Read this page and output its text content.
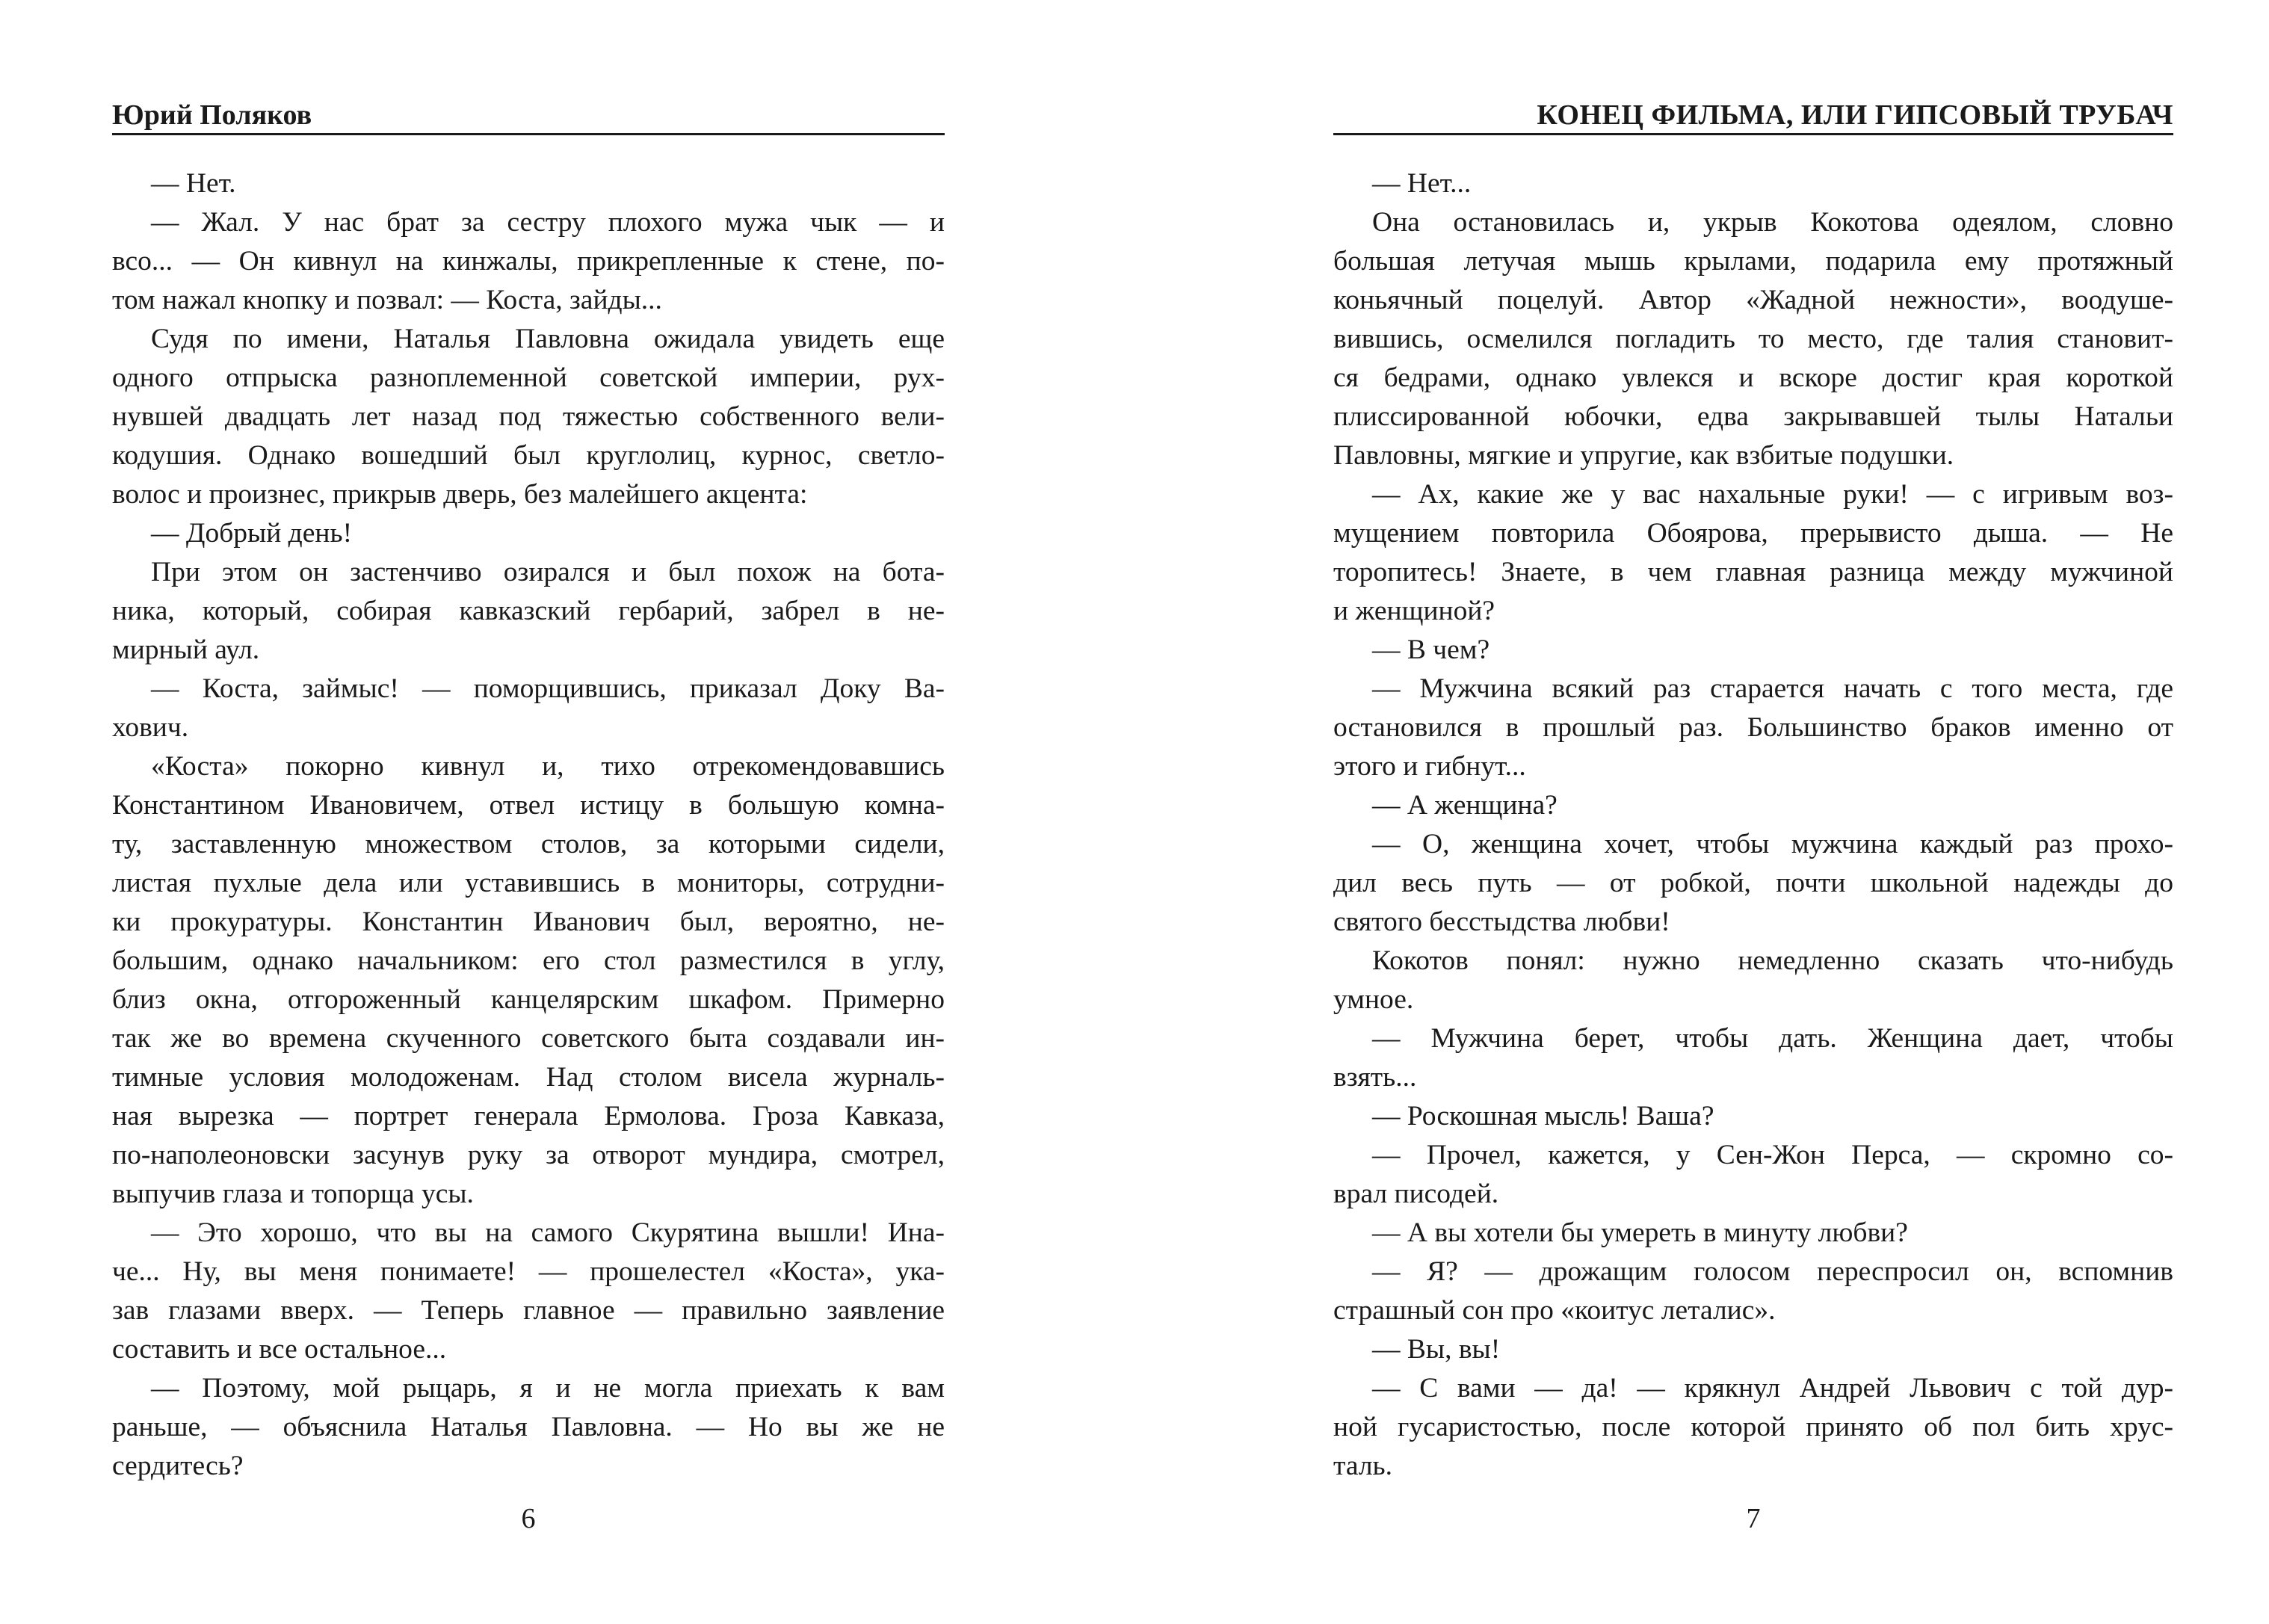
Юрий Поляков
— Нет.
— Жал. У нас брат за сестру плохого мужа чык — и
всо... — Он кивнул на кинжалы, прикрепленные к стене, по-
том нажал кнопку и позвал: — Коста, зайды...
Судя по имени, Наталья Павловна ожидала увидеть еще
одного отпрыска разноплеменной советской империи, рух-
нувшей двадцать лет назад под тяжестью собственного вели-
кодушия. Однако вошедший был круглолиц, курнос, светло-
волос и произнес, прикрыв дверь, без малейшего акцента:
— Добрый день!
При этом он застенчиво озирался и был похож на бота-
ника, который, собирая кавказский гербарий, забрел в не-
мирный аул.
— Коста, займыс! — поморщившись, приказал Доку Ва-
хович.
«Коста» покорно кивнул и, тихо отрекомендовавшись
Константином Ивановичем, отвел истицу в большую комна-
ту, заставленную множеством столов, за которыми сидели,
листая пухлые дела или уставившись в мониторы, сотрудни-
ки прокуратуры. Константин Иванович был, вероятно, не-
большим, однако начальником: его стол разместился в углу,
близ окна, отгороженный канцелярским шкафом. Примерно
так же во времена скученного советского быта создавали ин-
тимные условия молодоженам. Над столом висела журналь-
ная вырезка — портрет генерала Ермолова. Гроза Кавказа,
по-наполеоновски засунув руку за отворот мундира, смотрел,
выпучив глаза и топорща усы.
— Это хорошо, что вы на самого Скурятина вышли! Ина-
че... Ну, вы меня понимаете! — прошелестел «Коста», ука-
зав глазами вверх. — Теперь главное — правильно заявление
составить и все остальное...
— Поэтому, мой рыцарь, я и не могла приехать к вам
раньше, — объяснила Наталья Павловна. — Но вы же не
сердитесь?
6
КОНЕЦ ФИЛЬМА, ИЛИ ГИПСОВЫЙ ТРУБАЧ
— Нет...
Она остановилась и, укрыв Кокотова одеялом, словно
большая летучая мышь крылами, подарила ему протяжный
коньячный поцелуй. Автор «Жадной нежности», воодуше-
вившись, осмелился погладить то место, где талия становит-
ся бедрами, однако увлекся и вскоре достиг края короткой
плиссированной юбочки, едва закрывавшей тылы Натальи
Павловны, мягкие и упругие, как взбитые подушки.
— Ах, какие же у вас нахальные руки! — с игривым воз-
мущением повторила Обоярова, прерывисто дыша. — Не
торопитесь! Знаете, в чем главная разница между мужчиной
и женщиной?
— В чем?
— Мужчина всякий раз старается начать с того места, где
остановился в прошлый раз. Большинство браков именно от
этого и гибнут...
— А женщина?
— О, женщина хочет, чтобы мужчина каждый раз прохо-
дил весь путь — от робкой, почти школьной надежды до
святого бесстыдства любви!
Кокотов понял: нужно немедленно сказать что-нибудь
умное.
— Мужчина берет, чтобы дать. Женщина дает, чтобы
взять...
— Роскошная мысль! Ваша?
— Прочел, кажется, у Сен-Жон Перса, — скромно со-
врал писодей.
— А вы хотели бы умереть в минуту любви?
— Я? — дрожащим голосом переспросил он, вспомнив
страшный сон про «коитус леталис».
— Вы, вы!
— С вами — да! — крякнул Андрей Львович с той дур-
ной гусаристостью, после которой принято об пол бить хрус-
таль.
7
